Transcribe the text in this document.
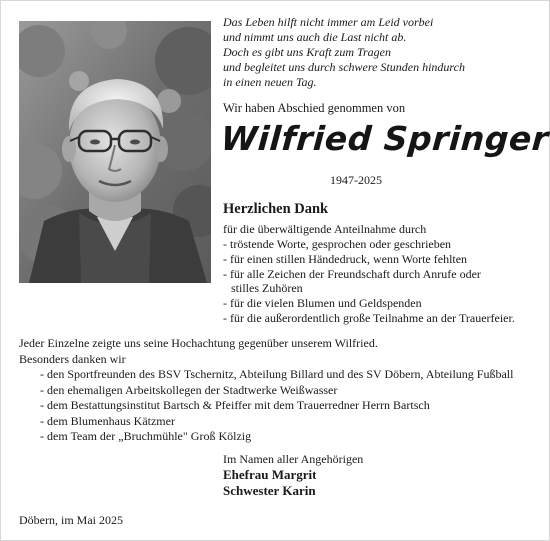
Das Leben hilft nicht immer am Leid vorbei
und nimmt uns auch die Last nicht ab.
Doch es gibt uns Kraft zum Tragen
und begleitet uns durch schwere Stunden hindurch
in einen neuen Tag.
Wir haben Abschied genommen von
Wilfried Springer
1947-2025
Herzlichen Dank
für die überwältigende Anteilnahme durch
- tröstende Worte, gesprochen oder geschrieben
- für einen stillen Händedruck, wenn Worte fehlten
- für alle Zeichen der Freundschaft durch Anrufe oder
stilles Zuhören
- für die vielen Blumen und Geldspenden
- für die außerordentlich große Teilnahme an der Trauerfeier.
Jeder Einzelne zeigte uns seine Hochachtung gegenüber unserem Wilfried.
Besonders danken wir
- den Sportfreunden des BSV Tschernitz, Abteilung Billard und des SV Döbern, Abteilung Fußball
- den ehemaligen Arbeitskollegen der Stadtwerke Weißwasser
- dem Bestattungsinstitut Bartsch & Pfeiffer mit dem Trauerredner Herrn Bartsch
- dem Blumenhaus Kätzmer
- dem Team der „Bruchmühle" Groß Kölzig
Im Namen aller Angehörigen
Ehefrau Margrit
Schwester Karin
Döbern, im Mai 2025
